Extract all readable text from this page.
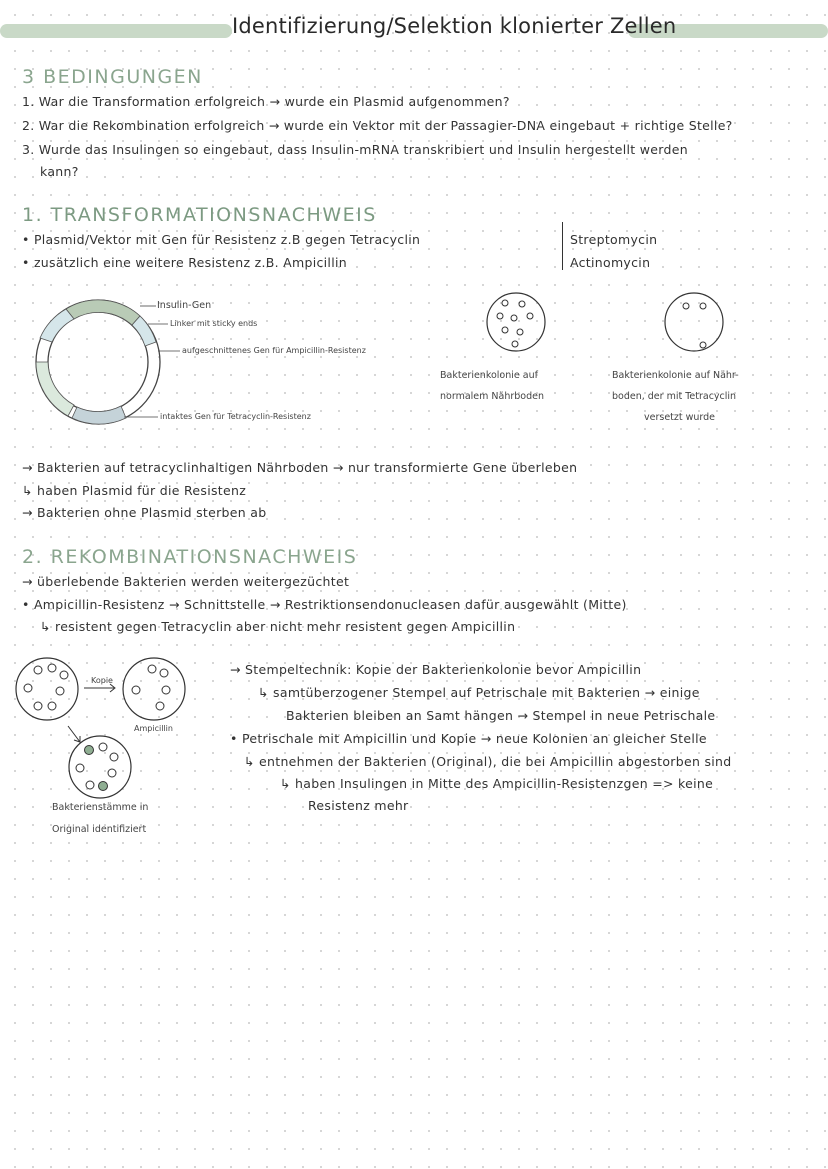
Identifizierung/Selektion klonierter Zellen
3 BEDINGUNGEN
1. War die Transformation erfolgreich → wurde ein Plasmid aufgenommen?
2. War die Rekombination erfolgreich → wurde ein Vektor mit der Passagier-DNA eingebaut + richtige Stelle?
3. Wurde das Insulingen so eingebaut, dass Insulin-mRNA transkribiert und Insulin hergestellt werden
kann?
1. TRANSFORMATIONSNACHWEIS
• Plasmid/Vektor mit Gen für Resistenz z.B gegen Tetracyclin
• zusätzlich eine weitere Resistenz z.B. Ampicillin
Streptomycin
Actinomycin
Insulin-Gen
Linker mit sticky ends
aufgeschnittenes Gen für Ampicillin-Resistenz
intaktes Gen für Tetracyclin-Resistenz
Bakterienkolonie auf
normalem Nährboden
Bakterienkolonie auf Nähr-
boden, der mit Tetracyclin
versetzt wurde
→ Bakterien auf tetracyclinhaltigen Nährboden → nur transformierte Gene überleben
↳ haben Plasmid für die Resistenz
→ Bakterien ohne Plasmid sterben ab
2. REKOMBINATIONSNACHWEIS
→ überlebende Bakterien werden weitergezüchtet
• Ampicillin-Resistenz → Schnittstelle → Restriktionsendonucleasen dafür ausgewählt (Mitte)
↳ resistent gegen Tetracyclin aber nicht mehr resistent gegen Ampicillin
Kopie
Ampicillin
Bakterienstämme in
Original identifiziert
→ Stempeltechnik: Kopie der Bakterienkolonie bevor Ampicillin
↳ samtüberzogener Stempel auf Petrischale mit Bakterien → einige
Bakterien bleiben an Samt hängen → Stempel in neue Petrischale
• Petrischale mit Ampicillin und Kopie → neue Kolonien an gleicher Stelle
↳ entnehmen der Bakterien (Original), die bei Ampicillin abgestorben sind
↳ haben Insulingen in Mitte des Ampicillin-Resistenzgen => keine
Resistenz mehr
